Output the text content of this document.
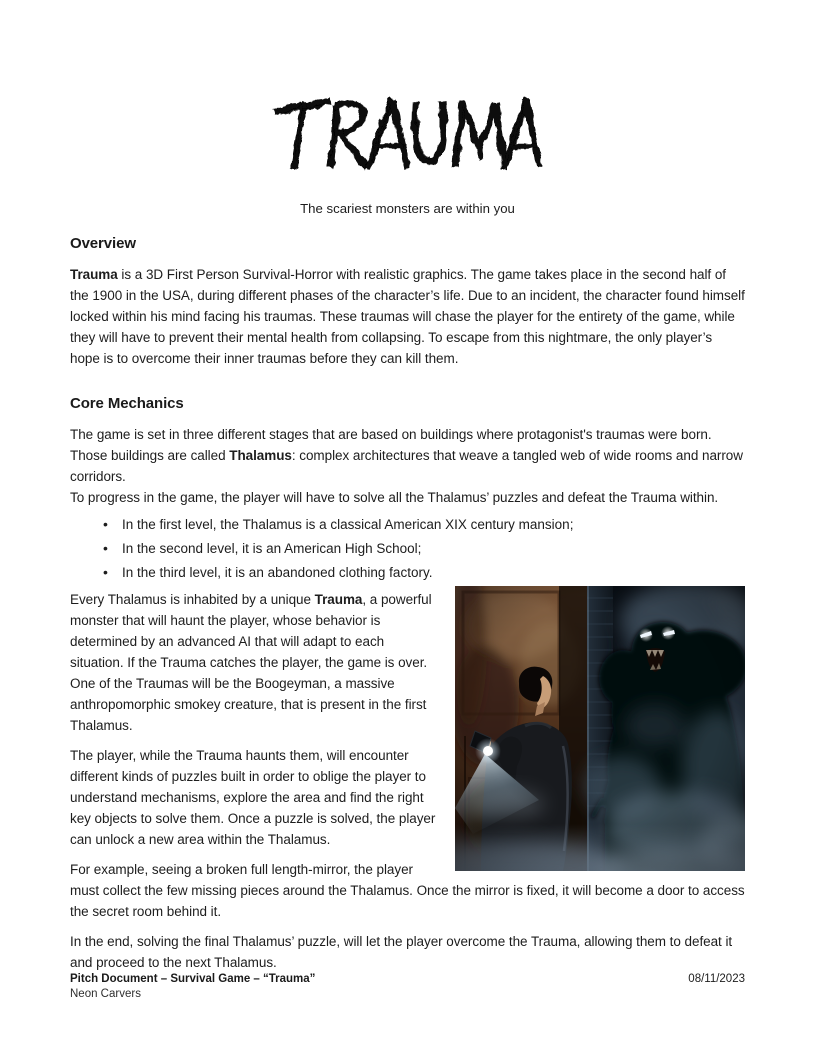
The scariest monsters are within you
Overview

Trauma is a 3D First Person Survival-Horror with realistic graphics. The game takes place in the second half of the 1900 in the USA, during different phases of the character’s life. Due to an incident, the character found himself locked within his mind facing his traumas. These traumas will chase the player for the entirety of the game, while they will have to prevent their mental health from collapsing. To escape from this nightmare, the only player’s hope is to overcome their inner traumas before they can kill them.

Core Mechanics

The game is set in three different stages that are based on buildings where protagonist's traumas were born. Those buildings are called Thalamus: complex architectures that weave a tangled web of wide rooms and narrow corridors.
To progress in the game, the player will have to solve all the Thalamus’ puzzles and defeat the Trauma within.

• In the first level, the Thalamus is a classical American XIX century mansion;
• In the second level, it is an American High School;
• In the third level, it is an abandoned clothing factory.

Every Thalamus is inhabited by a unique Trauma, a powerful monster that will haunt the player, whose behavior is determined by an advanced AI that will adapt to each situation. If the Trauma catches the player, the game is over. One of the Traumas will be the Boogeyman, a massive anthropomorphic smokey creature, that is present in the first Thalamus.

The player, while the Trauma haunts them, will encounter different kinds of puzzles built in order to oblige the player to understand mechanisms, explore the area and find the right key objects to solve them. Once a puzzle is solved, the player can unlock a new area within the Thalamus.

For example, seeing a broken full length-mirror, the player must collect the few missing pieces around the Thalamus. Once the mirror is fixed, it will become a door to access the secret room behind it.

In the end, solving the final Thalamus’ puzzle, will let the player overcome the Trauma, allowing them to defeat it and proceed to the next Thalamus.

Pitch Document – Survival Game – “Trauma”
Neon Carvers
08/11/2023
